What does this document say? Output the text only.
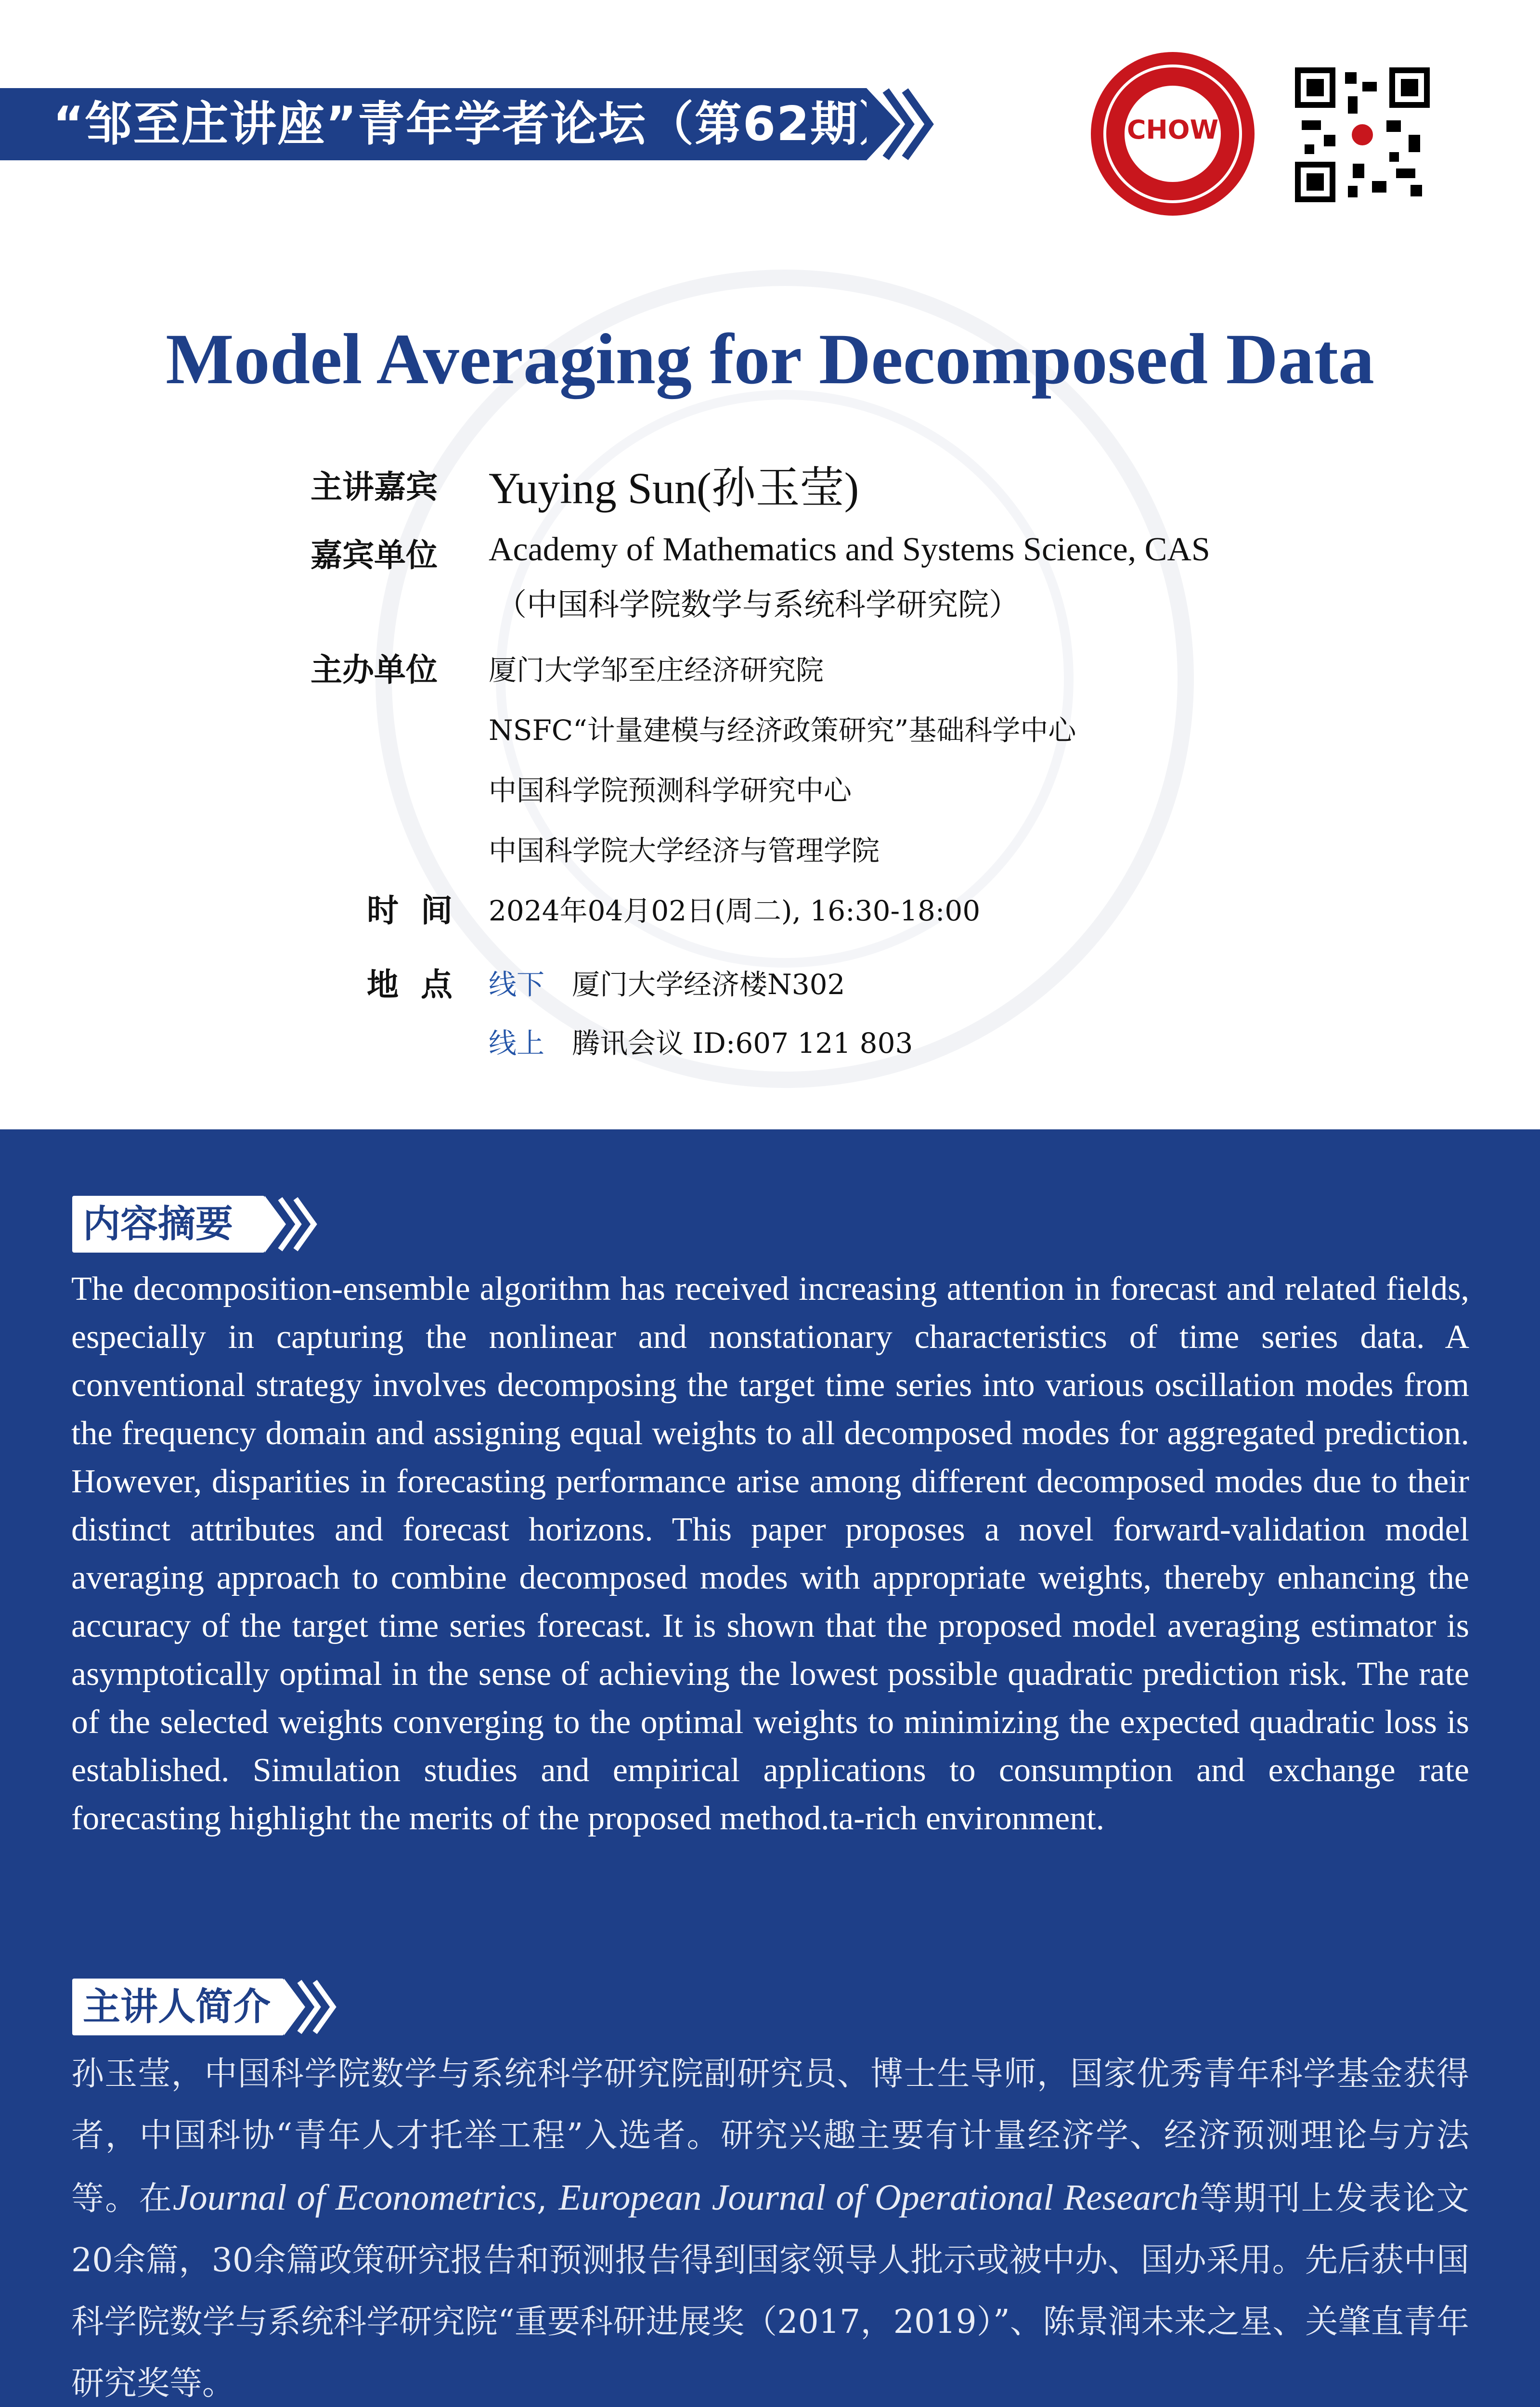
“邹至庄讲座”青年学者论坛（第62期）	CHOW
Model Averaging for Decomposed Data
主讲嘉宾 Yuying Sun(孙玉莹)
嘉宾单位 Academy of Mathematics and Systems Science, CAS
（中国科学院数学与系统科学研究院）
主办单位 厦门大学邹至庄经济研究院
NSFC“计量建模与经济政策研究”基础科学中心
中国科学院预测科学研究中心
中国科学院大学经济与管理学院
时  间 2024年04月02日(周二), 16:30-18:00
地  点 线下 厦门大学经济楼N302
线上 腾讯会议 ID:607 121 803
内容摘要
The decomposition-ensemble algorithm has received increasing attention in forecast and related fields, especially in capturing the nonlinear and nonstationary characteristics of time series data. A conventional strategy involves decomposing the target time series into various oscillation modes from the frequency domain and assigning equal weights to all decomposed modes for aggregated prediction. However, disparities in forecasting performance arise among different decomposed modes due to their distinct attributes and forecast horizons. This paper proposes a novel forward-validation model averaging approach to combine decomposed modes with appropriate weights, thereby enhancing the accuracy of the target time series forecast. It is shown that the proposed model averaging estimator is asymptotically optimal in the sense of achieving the lowest possible quadratic prediction risk. The rate of the selected weights converging to the optimal weights to minimizing the expected quadratic loss is established. Simulation studies and empirical applications to consumption and exchange rate forecasting highlight the merits of the proposed method.ta-rich environment.
主讲人简介
孙玉莹，中国科学院数学与系统科学研究院副研究员、博士生导师，国家优秀青年科学基金获得者，中国科协“青年人才托举工程”入选者。研究兴趣主要有计量经济学、经济预测理论与方法等。在Journal of Econometrics, European Journal of Operational Research等期刊上发表论文20余篇，30余篇政策研究报告和预测报告得到国家领导人批示或被中办、国办采用。先后获中国科学院数学与系统科学研究院“重要科研进展奖（2017，2019）”、陈景润未来之星、关肇直青年研究奖等。
